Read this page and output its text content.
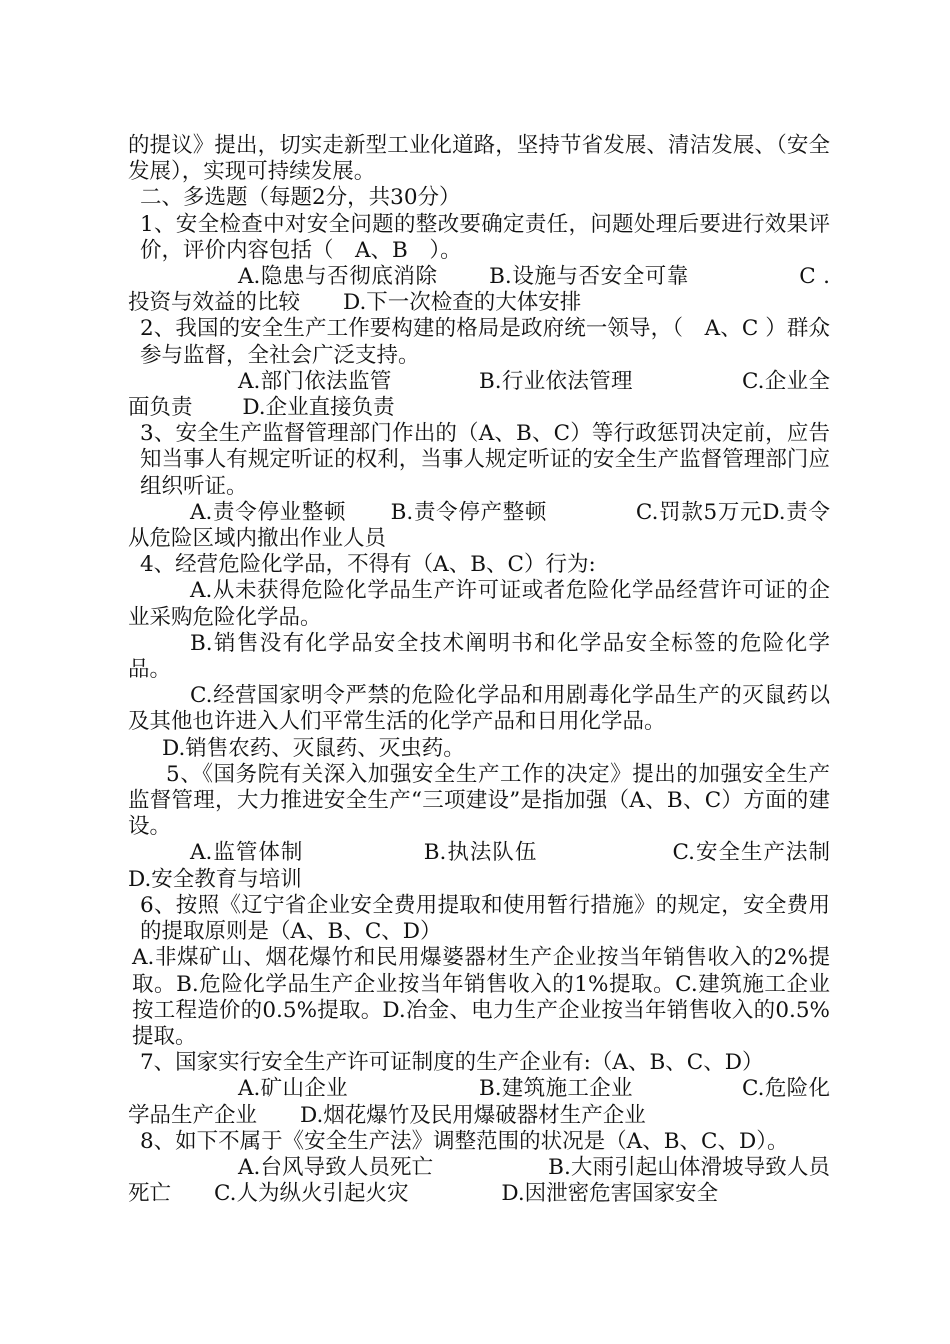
的提议》提出，切实走新型工业化道路，坚持节省发展、清洁发展、（安全发展），实现可持续发展。

二、多选题（每题2分，共30分）

1、安全检查中对安全问题的整改要确定责任，问题处理后要进行效果评价，评价内容包括（　A、B　）。

A.隐患与否彻底消除　　 B.设施与否安全可靠　　　　　C .投资与效益的比较　　D.下一次检查的大体安排

2、我国的安全生产工作要构建的格局是政府统一领导，（　A、C ）群众参与监督，全社会广泛支持。

A.部门依法监管　　　　B.行业依法管理　　　　　C.企业全面负责　　 D.企业直接负责

3、安全生产监督管理部门作出的（A、B、C）等行政惩罚决定前，应告知当事人有规定听证的权利，当事人规定听证的安全生产监督管理部门应组织听证。

A.责令停业整顿　　B.责令停产整顿　　　　C.罚款5万元D.责令从危险区域内撤出作业人员

4、经营危险化学品，不得有（A、B、C）行为:

A.从未获得危险化学品生产许可证或者危险化学品经营许可证的企业采购危险化学品。

B.销售没有化学品安全技术阐明书和化学品安全标签的危险化学品。

C.经营国家明令严禁的危险化学品和用剧毒化学品生产的灭鼠药以及其他也许进入人们平常生活的化学产品和日用化学品。

D.销售农药、灭鼠药、灭虫药。

5、《国务院有关深入加强安全生产工作的决定》提出的加强安全生产监督管理，大力推进安全生产“三项建设”是指加强（A、B、C）方面的建设。

A.监管体制　　　　　 B.执法队伍　　　　　　C.安全生产法制　 D.安全教育与培训

6、按照《辽宁省企业安全费用提取和使用暂行措施》的规定，安全费用的提取原则是（A、B、C、D）

A.非煤矿山、烟花爆竹和民用爆婆器材生产企业按当年销售收入的2%提取。B.危险化学品生产企业按当年销售收入的1%提取。C.建筑施工企业按工程造价的0.5%提取。D.冶金、电力生产企业按当年销售收入的0.5%提取。

7、国家实行安全生产许可证制度的生产企业有:（A、B、C、D）

A.矿山企业　　　　　　B.建筑施工企业　　　　　C.危险化学品生产企业　　D.烟花爆竹及民用爆破器材生产企业

8、如下不属于《安全生产法》调整范围的状况是（A、B、C、D）。

A.台风导致人员死亡　　　　　 B.大雨引起山体滑坡导致人员死亡　　C.人为纵火引起火灾　　　　 D.因泄密危害国家安全
